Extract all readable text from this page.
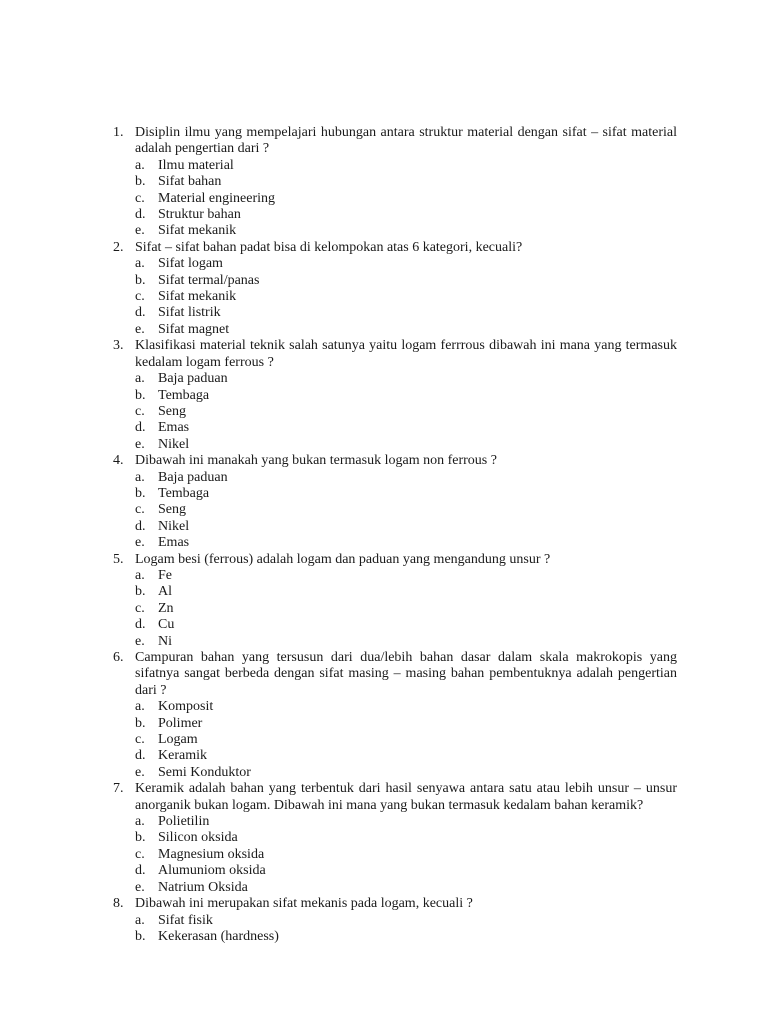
1. Disiplin ilmu yang mempelajari hubungan antara struktur material dengan sifat – sifat material adalah pengertian dari ?
a. Ilmu material
b. Sifat bahan
c. Material engineering
d. Struktur bahan
e. Sifat mekanik
2. Sifat – sifat bahan padat bisa di kelompokan atas 6 kategori, kecuali?
a. Sifat logam
b. Sifat termal/panas
c. Sifat mekanik
d. Sifat listrik
e. Sifat magnet
3. Klasifikasi material teknik salah satunya yaitu logam ferrrous dibawah ini mana yang termasuk kedalam logam ferrous ?
a. Baja paduan
b. Tembaga
c. Seng
d. Emas
e. Nikel
4. Dibawah ini manakah yang bukan termasuk logam non ferrous ?
a. Baja paduan
b. Tembaga
c. Seng
d. Nikel
e. Emas
5. Logam besi (ferrous) adalah logam dan paduan yang mengandung unsur ?
a. Fe
b. Al
c. Zn
d. Cu
e. Ni
6. Campuran bahan yang tersusun dari dua/lebih bahan dasar dalam skala makrokopis yang sifatnya sangat berbeda dengan sifat masing – masing bahan pembentuknya adalah pengertian dari ?
a. Komposit
b. Polimer
c. Logam
d. Keramik
e. Semi Konduktor
7. Keramik adalah bahan yang terbentuk dari hasil senyawa antara satu atau lebih unsur – unsur anorganik bukan logam. Dibawah ini mana yang bukan termasuk kedalam bahan keramik?
a. Polietilin
b. Silicon oksida
c. Magnesium oksida
d. Alumuniom oksida
e. Natrium Oksida
8. Dibawah ini merupakan sifat mekanis pada logam, kecuali ?
a. Sifat fisik
b. Kekerasan (hardness)
